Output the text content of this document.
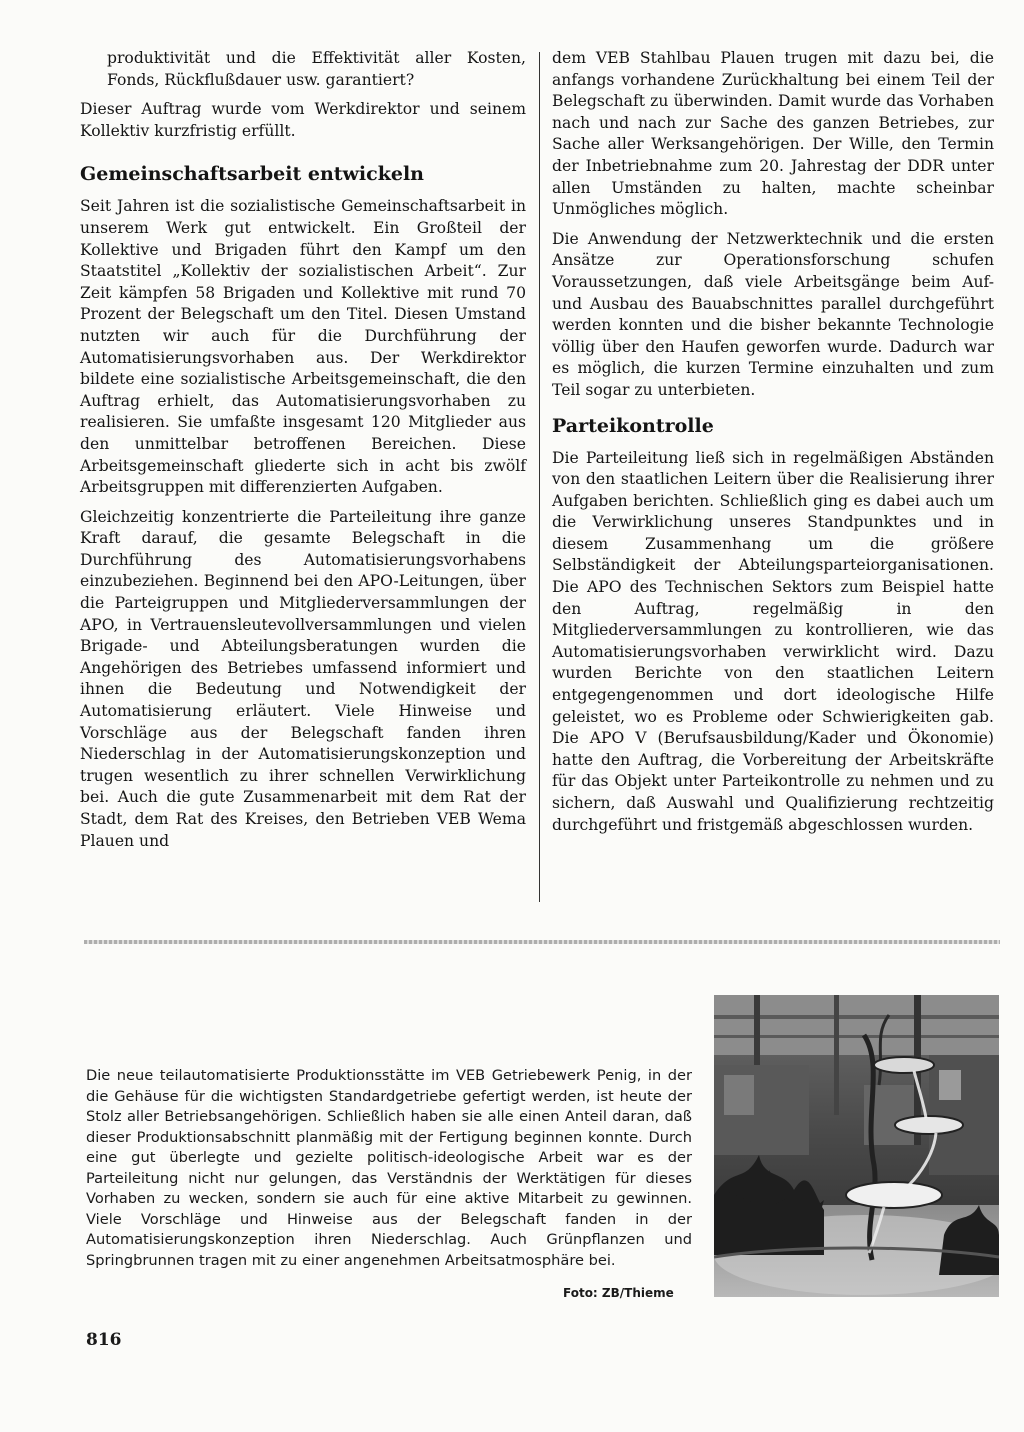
produktivität und die Effektivität aller Kosten, Fonds, Rückflußdauer usw. garantiert?

Dieser Auftrag wurde vom Werkdirektor und seinem Kollektiv kurzfristig erfüllt.

Gemeinschaftsarbeit entwickeln

Seit Jahren ist die sozialistische Gemeinschaftsarbeit in unserem Werk gut entwickelt. Ein Großteil der Kollektive und Brigaden führt den Kampf um den Staatstitel „Kollektiv der sozialistischen Arbeit“. Zur Zeit kämpfen 58 Brigaden und Kollektive mit rund 70 Prozent der Belegschaft um den Titel. Diesen Umstand nutzten wir auch für die Durchführung der Automatisierungsvorhaben aus. Der Werkdirektor bildete eine sozialistische Arbeitsgemeinschaft, die den Auftrag erhielt, das Automatisierungsvorhaben zu realisieren. Sie umfaßte insgesamt 120 Mitglieder aus den unmittelbar betroffenen Bereichen. Diese Arbeitsgemeinschaft gliederte sich in acht bis zwölf Arbeitsgruppen mit differenzierten Aufgaben.

Gleichzeitig konzentrierte die Parteileitung ihre ganze Kraft darauf, die gesamte Belegschaft in die Durchführung des Automatisierungsvorhabens einzubeziehen. Beginnend bei den APO-Leitungen, über die Parteigruppen und Mitgliederversammlungen der APO, in Vertrauensleutevollversammlungen und vielen Brigade- und Abteilungsberatungen wurden die Angehörigen des Betriebes umfassend informiert und ihnen die Bedeutung und Notwendigkeit der Automatisierung erläutert. Viele Hinweise und Vorschläge aus der Belegschaft fanden ihren Niederschlag in der Automatisierungskonzeption und trugen wesentlich zu ihrer schnellen Verwirklichung bei. Auch die gute Zusammenarbeit mit dem Rat der Stadt, dem Rat des Kreises, den Betrieben VEB Wema Plauen und

dem VEB Stahlbau Plauen trugen mit dazu bei, die anfangs vorhandene Zurückhaltung bei einem Teil der Belegschaft zu überwinden. Damit wurde das Vorhaben nach und nach zur Sache des ganzen Betriebes, zur Sache aller Werksangehörigen. Der Wille, den Termin der Inbetriebnahme zum 20. Jahrestag der DDR unter allen Umständen zu halten, machte scheinbar Unmögliches möglich.

Die Anwendung der Netzwerktechnik und die ersten Ansätze zur Operationsforschung schufen Voraussetzungen, daß viele Arbeitsgänge beim Auf- und Ausbau des Bauabschnittes parallel durchgeführt werden konnten und die bisher bekannte Technologie völlig über den Haufen geworfen wurde. Dadurch war es möglich, die kurzen Termine einzuhalten und zum Teil sogar zu unterbieten.

Parteikontrolle

Die Parteileitung ließ sich in regelmäßigen Abständen von den staatlichen Leitern über die Realisierung ihrer Aufgaben berichten. Schließlich ging es dabei auch um die Verwirklichung unseres Standpunktes und in diesem Zusammenhang um die größere Selbständigkeit der Abteilungsparteiorganisationen. Die APO des Technischen Sektors zum Beispiel hatte den Auftrag, regelmäßig in den Mitgliederversammlungen zu kontrollieren, wie das Automatisierungsvorhaben verwirklicht wird. Dazu wurden Berichte von den staatlichen Leitern entgegengenommen und dort ideologische Hilfe geleistet, wo es Probleme oder Schwierigkeiten gab. Die APO V (Berufsausbildung/Kader und Ökonomie) hatte den Auftrag, die Vorbereitung der Arbeitskräfte für das Objekt unter Parteikontrolle zu nehmen und zu sichern, daß Auswahl und Qualifizierung rechtzeitig durchgeführt und fristgemäß abgeschlossen wurden.

Die neue teilautomatisierte Produktionsstätte im VEB Getriebewerk Penig, in der die Gehäuse für die wichtigsten Standardgetriebe gefertigt werden, ist heute der Stolz aller Betriebsangehörigen. Schließlich haben sie alle einen Anteil daran, daß dieser Produktionsabschnitt planmäßig mit der Fertigung beginnen konnte. Durch eine gut überlegte und gezielte politisch-ideologische Arbeit war es der Parteileitung nicht nur gelungen, das Verständnis der Werktätigen für dieses Vorhaben zu wecken, sondern sie auch für eine aktive Mitarbeit zu gewinnen. Viele Vorschläge und Hinweise aus der Belegschaft fanden in der Automatisierungskonzeption ihren Niederschlag. Auch Grünpflanzen und Springbrunnen tragen mit zu einer angenehmen Arbeitsatmosphäre bei.
Foto: ZB/Thieme
816
